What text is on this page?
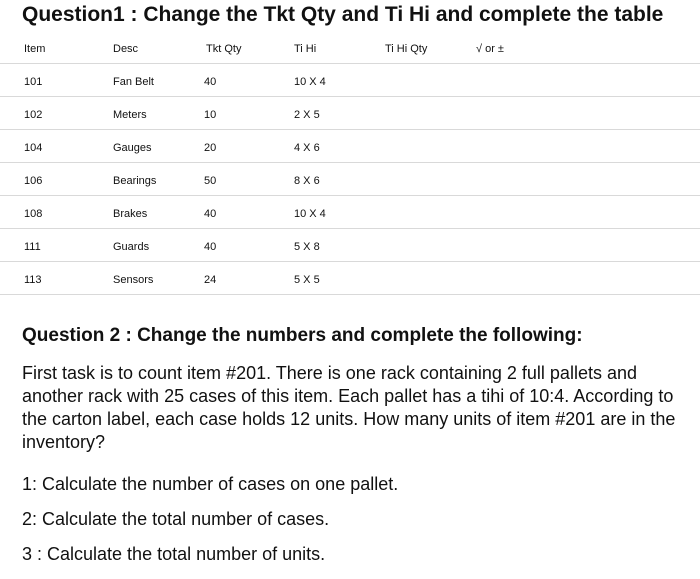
Question1 : Change the Tkt Qty and Ti Hi and complete the table
Item	Desc	Tkt Qty	Ti Hi	Ti Hi Qty	√ or ±
101	Fan Belt	40	10 X 4
102	Meters	10	2 X 5
104	Gauges	20	4 X 6
106	Bearings	50	8 X 6
108	Brakes	40	10 X 4
111	Guards	40	5 X 8
113	Sensors	24	5 X 5
Question 2 : Change the numbers and complete the following:
First task is to count item #201. There is one rack containing 2 full pallets and another rack with 25 cases of this item. Each pallet has a tihi of 10:4. According to the carton label, each case holds 12 units. How many units of item #201 are in the inventory?
1: Calculate the number of cases on one pallet.
2: Calculate the total number of cases.
3 : Calculate the total number of units.
